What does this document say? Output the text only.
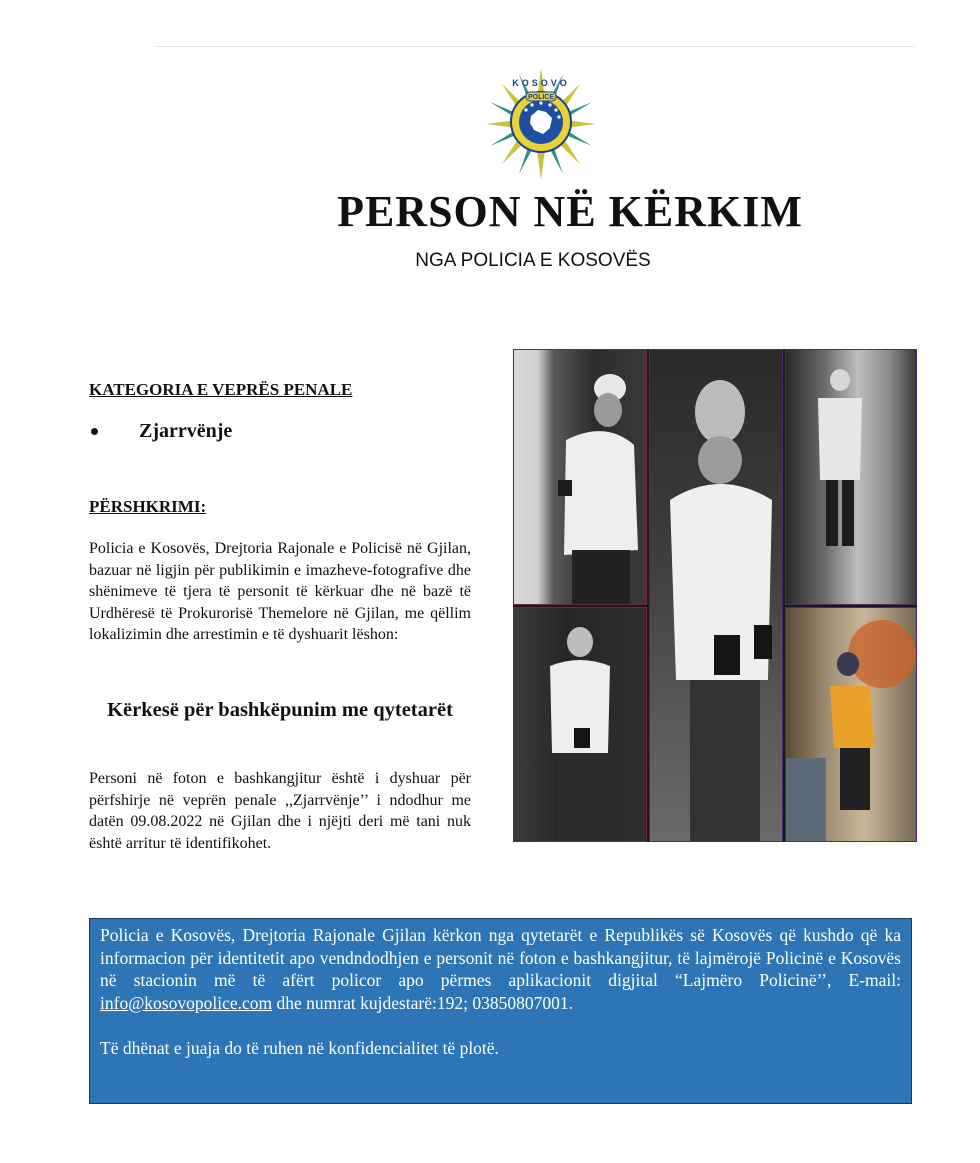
POLICE
KOSOVO
PERSON NË KËRKIM
NGA POLICIA E KOSOVËS
KATEGORIA E VEPRËS PENALE
Zjarrvënje
PËRSHKRIMI:
Policia e Kosovës, Drejtoria Rajonale e Policisë në Gjilan, bazuar në ligjin për publikimin e imazheve-fotografive dhe shënimeve të tjera të personit të kërkuar dhe në bazë të Urdhëresë të Prokurorisë Themelore në Gjilan, me qëllim lokalizimin dhe arrestimin e të dyshuarit lëshon:
Kërkesë për bashkëpunim me qytetarët
Personi në foton e bashkangjitur është i dyshuar për përfshirje në veprën penale ,,Zjarrvënje’’ i ndodhur me datën 09.08.2022 në Gjilan dhe i njëjti deri më tani nuk është arritur të identifikohet.

Policia e Kosovës, Drejtoria Rajonale Gjilan kërkon nga qytetarët e Republikës së Kosovës që kushdo që ka informacion për identitetit apo vendndodhjen e personit në foton e bashkangjitur, të lajmërojë Policinë e Kosovës në stacionin më të afërt policor apo përmes aplikacionit digjital “Lajmëro Policinë’’, E-mail: info@kosovopolice.com dhe numrat kujdestarë:192; 03850807001.

Të dhënat e juaja do të ruhen në konfidencialitet të plotë.
